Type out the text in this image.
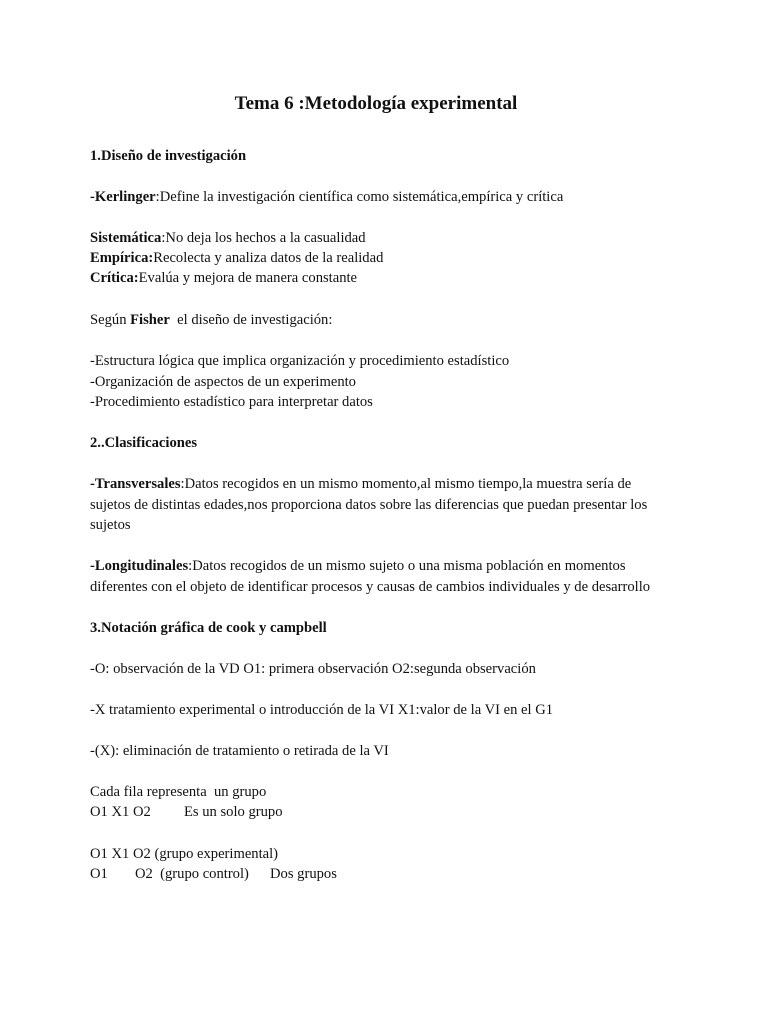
Tema 6 :Metodología experimental
1.Diseño de investigación
-Kerlinger:Define la investigación científica como sistemática,empírica y crítica
Sistemática:No deja los hechos a la casualidad
Empírica:Recolecta y analiza datos de la realidad
Crítica:Evalúa y mejora de manera constante
Según Fisher  el diseño de investigación:
-Estructura lógica que implica organización y procedimiento estadístico
-Organización de aspectos de un experimento
-Procedimiento estadístico para interpretar datos
2..Clasificaciones
-Transversales:Datos recogidos en un mismo momento,al mismo tiempo,la muestra sería de
sujetos de distintas edades,nos proporciona datos sobre las diferencias que puedan presentar los
sujetos
-Longitudinales:Datos recogidos de un mismo sujeto o una misma población en momentos
diferentes con el objeto de identificar procesos y causas de cambios individuales y de desarrollo
3.Notación gráfica de cook y campbell
-O: observación de la VD O1: primera observación O2:segunda observación
-X tratamiento experimental o introducción de la VI X1:valor de la VI en el G1
-(X): eliminación de tratamiento o retirada de la VI
Cada fila representa  un grupo
O1 X1 O2 Es un solo grupo
O1 X1 O2 (grupo experimental)
O1 O2  (grupo control) Dos grupos
